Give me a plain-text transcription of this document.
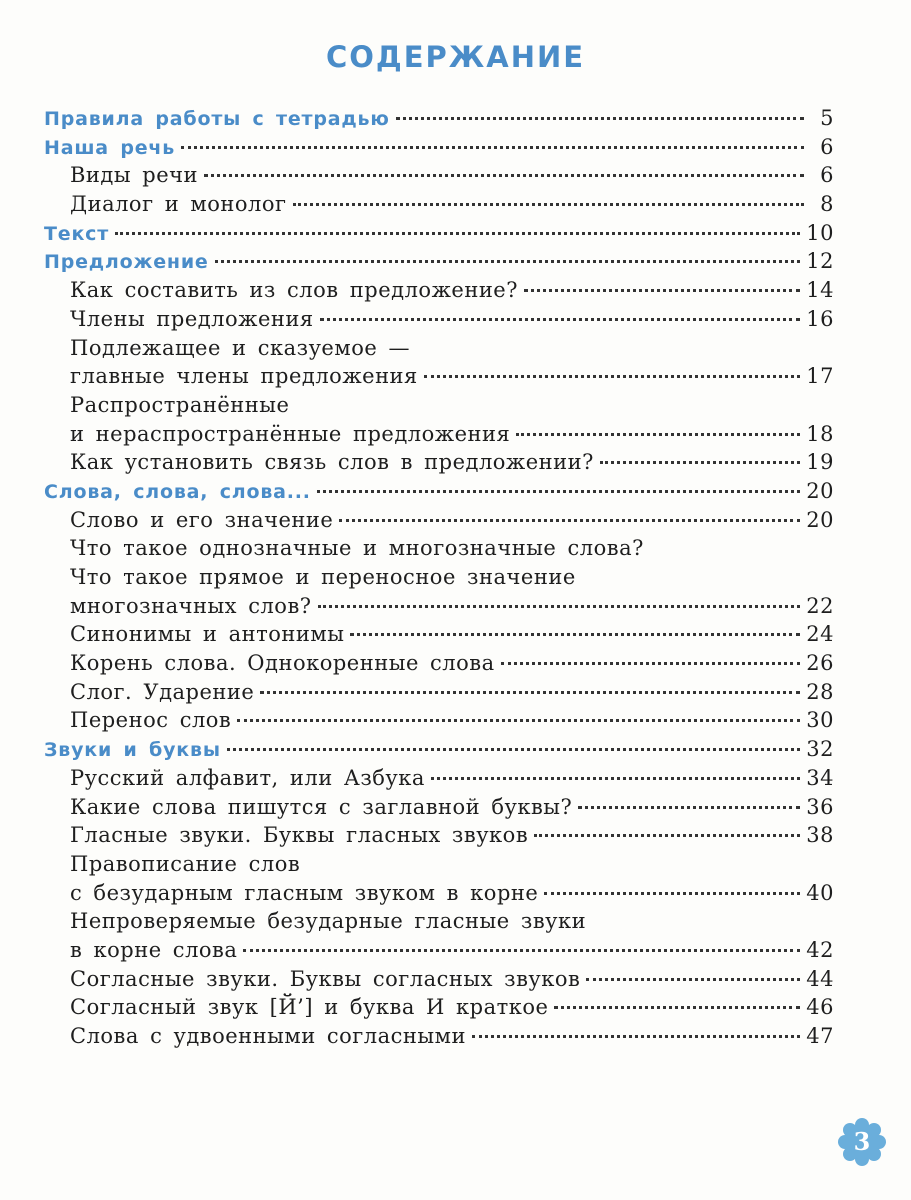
СОДЕРЖАНИЕ
Правила работы с тетрадью	5
Наша речь	6
Виды речи	6
Диалог и монолог	8
Текст	10
Предложение	12
Как составить из слов предложение?	14
Члены предложения	16
Подлежащее и сказуемое —
главные члены предложения	17
Распространённые
и нераспространённые предложения	18
Как установить связь слов в предложении?	19
Слова, слова, слова...	20
Слово и его значение	20
Что такое однозначные и многозначные слова?
Что такое прямое и переносное значение
многозначных слов?	22
Синонимы и антонимы	24
Корень слова. Однокоренные слова	26
Слог. Ударение	28
Перенос слов	30
Звуки и буквы	32
Русский алфавит, или Азбука	34
Какие слова пишутся с заглавной буквы?	36
Гласные звуки. Буквы гласных звуков	38
Правописание слов
с безударным гласным звуком в корне	40
Непроверяемые безударные гласные звуки
в корне слова	42
Согласные звуки. Буквы согласных звуков	44
Согласный звук [Й’] и буква И краткое	46
Слова с удвоенными согласными	47
3
